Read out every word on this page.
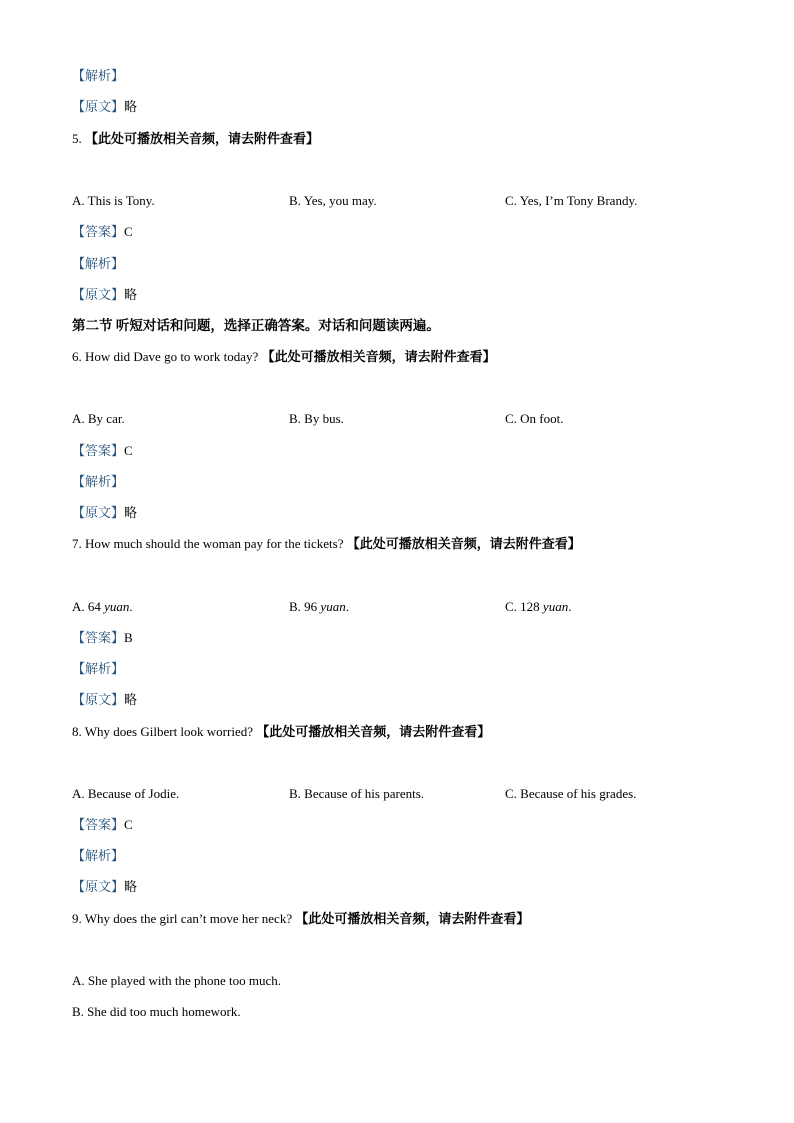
【解析】
【原文】略
5. 【此处可播放相关音频，请去附件查看】
A. This is Tony.	B. Yes, you may.	C. Yes, I’m Tony Brandy.
【答案】C
【解析】
【原文】略
第二节 听短对话和问题，选择正确答案。对话和问题读两遍。
6. How did Dave go to work today? 【此处可播放相关音频，请去附件查看】
A. By car.	B. By bus.	C. On foot.
【答案】C
【解析】
【原文】略
7. How much should the woman pay for the tickets? 【此处可播放相关音频，请去附件查看】
A. 64 yuan.	B. 96 yuan.	C. 128 yuan.
【答案】B
【解析】
【原文】略
8. Why does Gilbert look worried? 【此处可播放相关音频，请去附件查看】
A. Because of Jodie.	B. Because of his parents.	C. Because of his grades.
【答案】C
【解析】
【原文】略
9. Why does the girl can’t move her neck? 【此处可播放相关音频，请去附件查看】
A. She played with the phone too much.
B. She did too much homework.
